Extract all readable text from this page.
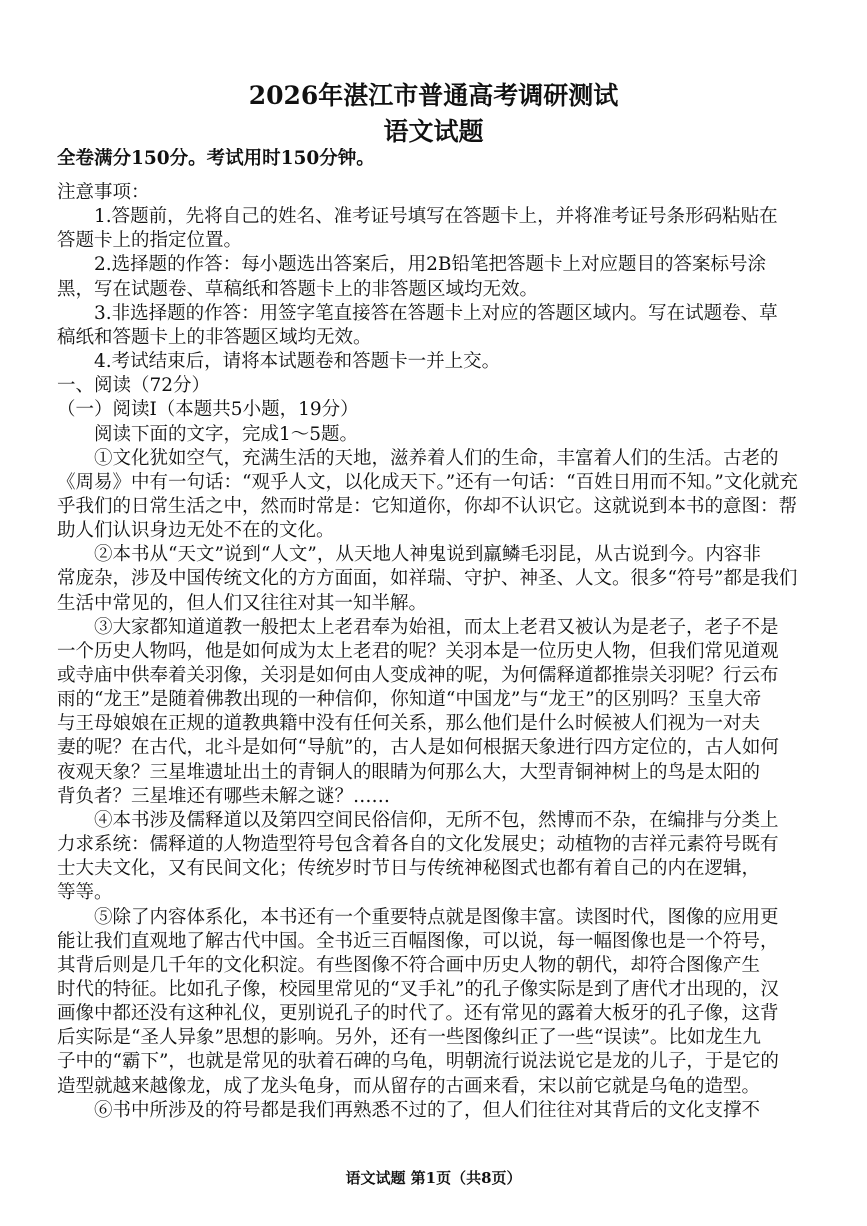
2026年湛江市普通高考调研测试

语文试题

全卷满分150分。考试用时150分钟。

注意事项：

　　1.答题前，先将自己的姓名、准考证号填写在答题卡上，并将准考证号条形码粘贴在

答题卡上的指定位置。

　　2.选择题的作答：每小题选出答案后，用2B铅笔把答题卡上对应题目的答案标号涂

黑，写在试题卷、草稿纸和答题卡上的非答题区域均无效。

　　3.非选择题的作答：用签字笔直接答在答题卡上对应的答题区域内。写在试题卷、草

稿纸和答题卡上的非答题区域均无效。

　　4.考试结束后，请将本试题卷和答题卡一并上交。

一、阅读（72分）

（一）阅读Ⅰ（本题共5小题，19分）

　　阅读下面的文字，完成1～5题。

　　①文化犹如空气，充满生活的天地，滋养着人们的生命，丰富着人们的生活。古老的

《周易》中有一句话：“观乎人文，以化成天下。”还有一句话：“百姓日用而不知。”文化就充

乎我们的日常生活之中，然而时常是：它知道你，你却不认识它。这就说到本书的意图：帮

助人们认识身边无处不在的文化。

　　②本书从“天文”说到“人文”，从天地人神鬼说到羸鳞毛羽昆，从古说到今。内容非

常庞杂，涉及中国传统文化的方方面面，如祥瑞、守护、神圣、人文。很多“符号”都是我们

生活中常见的，但人们又往往对其一知半解。

　　③大家都知道道教一般把太上老君奉为始祖，而太上老君又被认为是老子，老子不是

一个历史人物吗，他是如何成为太上老君的呢？关羽本是一位历史人物，但我们常见道观

或寺庙中供奉着关羽像，关羽是如何由人变成神的呢，为何儒释道都推崇关羽呢？行云布

雨的“龙王”是随着佛教出现的一种信仰，你知道“中国龙”与“龙王”的区别吗？玉皇大帝

与王母娘娘在正规的道教典籍中没有任何关系，那么他们是什么时候被人们视为一对夫

妻的呢？在古代，北斗是如何“导航”的，古人是如何根据天象进行四方定位的，古人如何

夜观天象？三星堆遗址出土的青铜人的眼睛为何那么大，大型青铜神树上的鸟是太阳的

背负者？三星堆还有哪些未解之谜？……

　　④本书涉及儒释道以及第四空间民俗信仰，无所不包，然博而不杂，在编排与分类上

力求系统：儒释道的人物造型符号包含着各自的文化发展史；动植物的吉祥元素符号既有

士大夫文化，又有民间文化；传统岁时节日与传统神秘图式也都有着自己的内在逻辑，

等等。

　　⑤除了内容体系化，本书还有一个重要特点就是图像丰富。读图时代，图像的应用更

能让我们直观地了解古代中国。全书近三百幅图像，可以说，每一幅图像也是一个符号，

其背后则是几千年的文化积淀。有些图像不符合画中历史人物的朝代，却符合图像产生

时代的特征。比如孔子像，校园里常见的“叉手礼”的孔子像实际是到了唐代才出现的，汉

画像中都还没有这种礼仪，更别说孔子的时代了。还有常见的露着大板牙的孔子像，这背

后实际是“圣人异象”思想的影响。另外，还有一些图像纠正了一些“误读”。比如龙生九

子中的“霸下”，也就是常见的驮着石碑的乌龟，明朝流行说法说它是龙的儿子，于是它的

造型就越来越像龙，成了龙头龟身，而从留存的古画来看，宋以前它就是乌龟的造型。

　　⑥书中所涉及的符号都是我们再熟悉不过的了，但人们往往对其背后的文化支撑不

语文试题 第1页（共8页）
